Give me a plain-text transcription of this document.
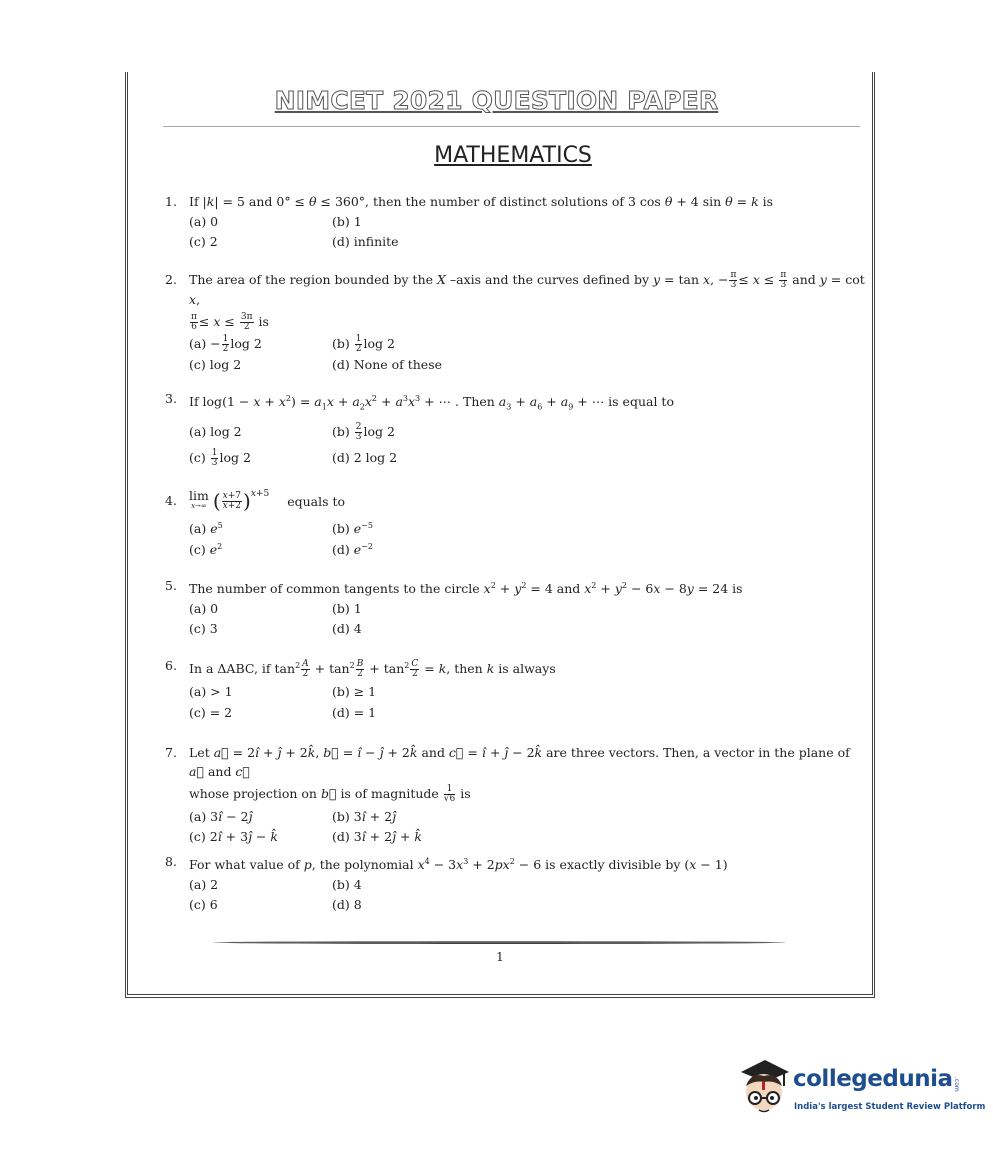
NIMCET 2021 QUESTION PAPER
MATHEMATICS
1. If |k| = 5 and 0° ≤ θ ≤ 360°, then the number of distinct solutions of 3 cos θ + 4 sin θ = k is
(a) 0	(b) 1
(c) 2	(d) infinite
2. The area of the region bounded by the X –axis and the curves defined by y = tan x, − $\frac{\pi}{3} \le x \le \frac{\pi}{3}$ and y = cot x,
$\frac{\pi}{6} \le x \le \frac{3\pi}{2}$ is
$(a) - \frac{1}{2}$ log 2	$(b) \frac{1}{2}$ log 2
(c) log 2	(d) None of these
3. If $\log(1 - x + x^2) = a_1x + a_2x^2 + a^3x^3$ + ⋯ . Then $a_3 + a_6 + a_9$ + ⋯ is equal to
(a) log 2	$(b) \frac{2}{3}$ log 2
$(c) \frac{1}{3}$ log 2	(d) 2 log 2
4. lim
x→∞ ( $\frac{x+7}{x+2}$ ) $^{x+5}$ equals to
(a) $e^5$	(b) $e^{-5}$
(c) $e^2$	(d) $e^{-2}$
5. The number of common tangents to the circle $x^2 + y^2 = 4$ and $x^2 + y^2 - 6x - 8y = 24$ is
(a) 0	(b) 1
(c) 3	(d) 4
6. In a ΔABC, if $\tan^2 \frac{A}{2} + \tan^2 \frac{B}{2} + \tan^2 \frac{C}{2} = k$, then k is always
(a) > 1	(b) ≥ 1
(c) = 2	(d) = 1
7. Let a⃗ = 2î + ĵ + 2k̂, b⃗ = î − ĵ + 2k̂ and c⃗ = î + ĵ − 2k̂ are three vectors. Then, a vector in the plane of a⃗ and c⃗
whose projection on b⃗ is of magnitude $\frac{1}{√6}$ is
(a) 3î − 2ĵ	(b) 3î + 2ĵ
(c) 2î + 3ĵ − k̂	(d) 3î + 2ĵ + k̂
8. For what value of p, the polynomial $x^4 - 3x^3 + 2px^2 - 6$ is exactly divisible by (x − 1)
(a) 2	(b) 4
(c) 6	(d) 8
1
collegedunia .com
India's largest Student Review Platform
